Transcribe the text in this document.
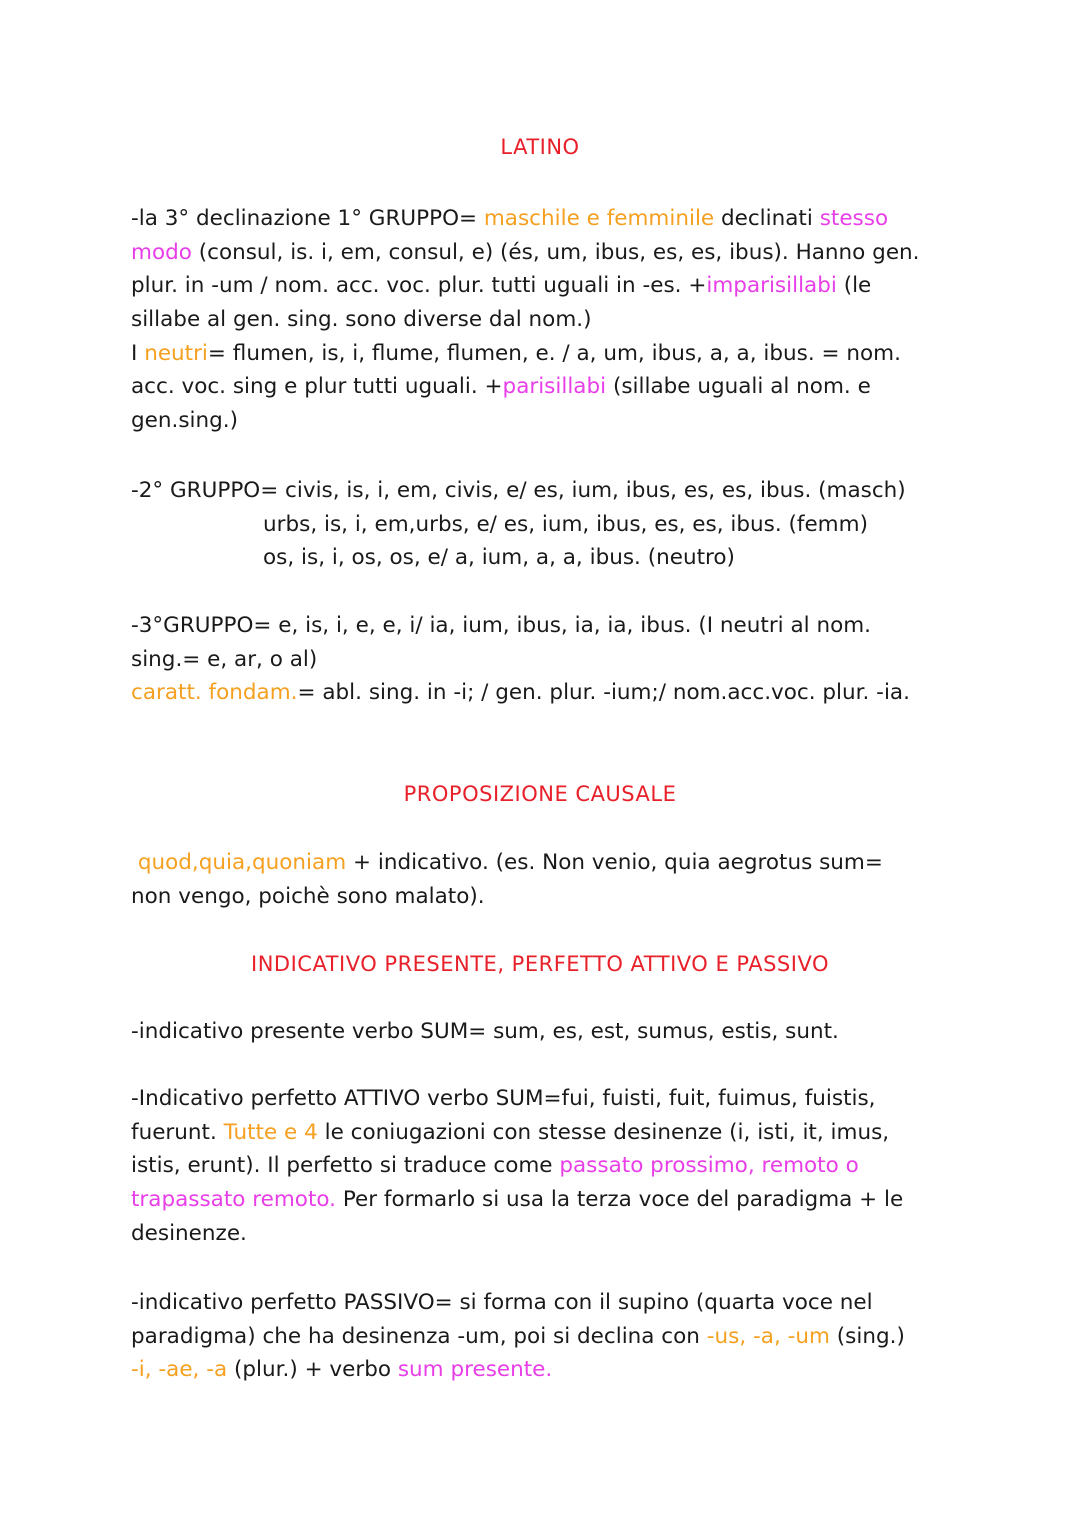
LATINO
-la 3° declinazione 1° GRUPPO= maschile e femminile declinati stesso
modo (consul, is. i, em, consul, e) (és, um, ibus, es, es, ibus). Hanno gen.
plur. in -um / nom. acc. voc. plur. tutti uguali in -es. +imparisillabi (le
sillabe al gen. sing. sono diverse dal nom.)
I neutri= flumen, is, i, flume, flumen, e. / a, um, ibus, a, a, ibus. = nom.
acc. voc. sing e plur tutti uguali. +parisillabi (sillabe uguali al nom. e
gen.sing.)
-2° GRUPPO= civis, is, i, em, civis, e/ es, ium, ibus, es, es, ibus. (masch)
urbs, is, i, em,urbs, e/ es, ium, ibus, es, es, ibus. (femm)
os, is, i, os, os, e/ a, ium, a, a, ibus. (neutro)
-3°GRUPPO= e, is, i, e, e, i/ ia, ium, ibus, ia, ia, ibus. (I neutri al nom.
sing.= e, ar, o al)
caratt. fondam.= abl. sing. in -i; / gen. plur. -ium;/ nom.acc.voc. plur. -ia.
PROPOSIZIONE CAUSALE
quod,quia,quoniam + indicativo. (es. Non venio, quia aegrotus sum=
non vengo, poichè sono malato).
INDICATIVO PRESENTE, PERFETTO ATTIVO E PASSIVO
-indicativo presente verbo SUM= sum, es, est, sumus, estis, sunt.
-Indicativo perfetto ATTIVO verbo SUM=fui, fuisti, fuit, fuimus, fuistis,
fuerunt. Tutte e 4 le coniugazioni con stesse desinenze (i, isti, it, imus,
istis, erunt). Il perfetto si traduce come passato prossimo, remoto o
trapassato remoto. Per formarlo si usa la terza voce del paradigma + le
desinenze.
-indicativo perfetto PASSIVO= si forma con il supino (quarta voce nel
paradigma) che ha desinenza -um, poi si declina con -us, -a, -um (sing.)
-i, -ae, -a (plur.) + verbo sum presente.
